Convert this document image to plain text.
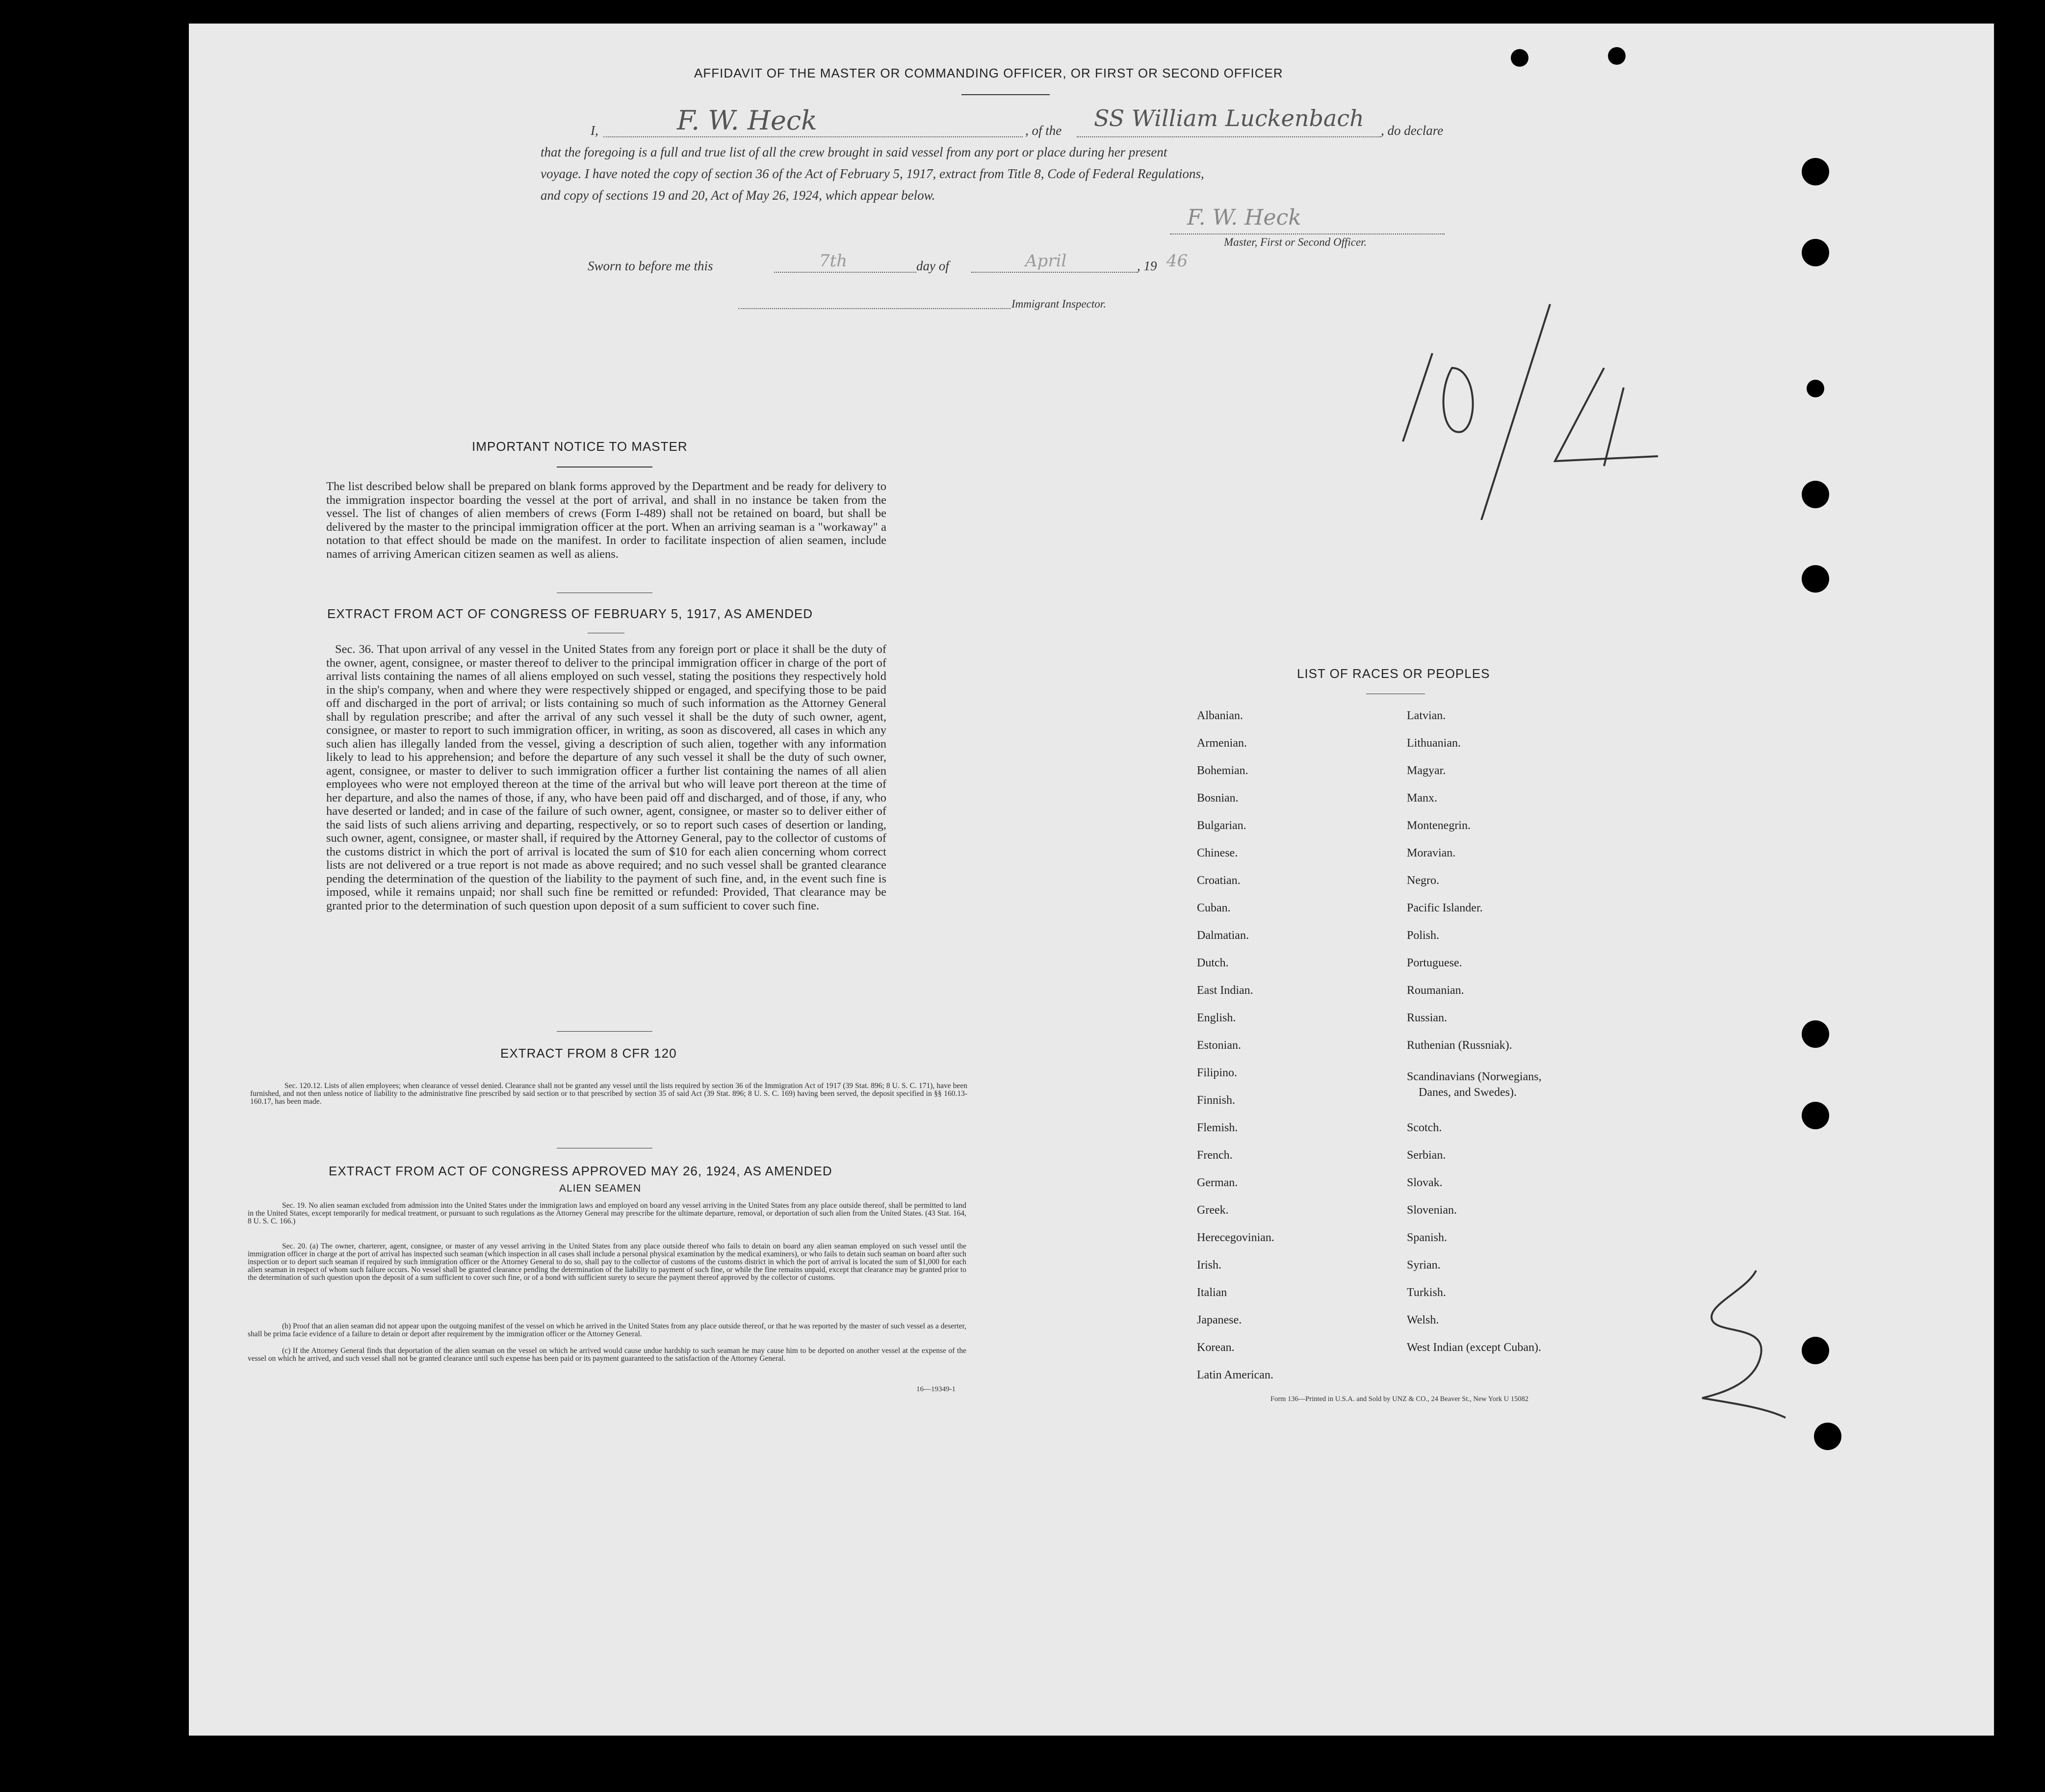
AFFIDAVIT OF THE MASTER OR COMMANDING OFFICER, OR FIRST OR SECOND OFFICER
I,	F. W. Heck	, of the SS William Luckenbach , do declare
that the foregoing is a full and true list of all the crew brought in said vessel from any port or place during her present
voyage. I have noted the copy of section 36 of the Act of February 5, 1917, extract from Title 8, Code of Federal Regulations,
and copy of sections 19 and 20, Act of May 26, 1924, which appear below.
F. W. Heck
Master, First or Second Officer.
Sworn to before me this	7th	day of	April	, 19 46
Immigrant Inspector.
IMPORTANT NOTICE TO MASTER
The list described below shall be prepared on blank forms approved by the Department and be ready for delivery to the immigration inspector boarding the vessel at the port of arrival, and shall in no instance be taken from the vessel. The list of changes of alien members of crews (Form I-489) shall not be retained on board, but shall be delivered by the master to the principal immigration officer at the port. When an arriving seaman is a "workaway" a notation to that effect should be made on the manifest. In order to facilitate inspection of alien seamen, include names of arriving American citizen seamen as well as aliens.
EXTRACT FROM ACT OF CONGRESS OF FEBRUARY 5, 1917, AS AMENDED
Sec. 36. That upon arrival of any vessel in the United States from any foreign port or place it shall be the duty of the owner, agent, consignee, or master thereof to deliver to the principal immigration officer in charge of the port of arrival lists containing the names of all aliens employed on such vessel, stating the positions they respectively hold in the ship's company, when and where they were respectively shipped or engaged, and specifying those to be paid off and discharged in the port of arrival; or lists containing so much of such information as the Attorney General shall by regulation prescribe; and after the arrival of any such vessel it shall be the duty of such owner, agent, consignee, or master to report to such immigration officer, in writing, as soon as discovered, all cases in which any such alien has illegally landed from the vessel, giving a description of such alien, together with any information likely to lead to his apprehension; and before the departure of any such vessel it shall be the duty of such owner, agent, consignee, or master to deliver to such immigration officer a further list containing the names of all alien employees who were not employed thereon at the time of the arrival but who will leave port thereon at the time of her departure, and also the names of those, if any, who have been paid off and discharged, and of those, if any, who have deserted or landed; and in case of the failure of such owner, agent, consignee, or master so to deliver either of the said lists of such aliens arriving and departing, respectively, or so to report such cases of desertion or landing, such owner, agent, consignee, or master shall, if required by the Attorney General, pay to the collector of customs of the customs district in which the port of arrival is located the sum of $10 for each alien concerning whom correct lists are not delivered or a true report is not made as above required; and no such vessel shall be granted clearance pending the determination of the question of the liability to the payment of such fine, and, in the event such fine is imposed, while it remains unpaid; nor shall such fine be remitted or refunded: Provided, That clearance may be granted prior to the determination of such question upon deposit of a sum sufficient to cover such fine.
EXTRACT FROM 8 CFR 120
Sec. 120.12. Lists of alien employees; when clearance of vessel denied. Clearance shall not be granted any vessel until the lists required by section 36 of the Immigration Act of 1917 (39 Stat. 896; 8 U. S. C. 171), have been furnished, and not then unless notice of liability to the administrative fine prescribed by said section or to that prescribed by section 35 of said Act (39 Stat. 896; 8 U. S. C. 169) having been served, the deposit specified in §§ 160.13-160.17, has been made.
EXTRACT FROM ACT OF CONGRESS APPROVED MAY 26, 1924, AS AMENDED
ALIEN SEAMEN
Sec. 19. No alien seaman excluded from admission into the United States under the immigration laws and employed on board any vessel arriving in the United States from any place outside thereof, shall be permitted to land in the United States, except temporarily for medical treatment, or pursuant to such regulations as the Attorney General may prescribe for the ultimate departure, removal, or deportation of such alien from the United States. (43 Stat. 164, 8 U. S. C. 166.)
Sec. 20. (a) The owner, charterer, agent, consignee, or master of any vessel arriving in the United States from any place outside thereof who fails to detain on board any alien seaman employed on such vessel until the immigration officer in charge at the port of arrival has inspected such seaman (which inspection in all cases shall include a personal physical examination by the medical examiners), or who fails to detain such seaman on board after such inspection or to deport such seaman if required by such immigration officer or the Attorney General to do so, shall pay to the collector of customs of the customs district in which the port of arrival is located the sum of $1,000 for each alien seaman in respect of whom such failure occurs. No vessel shall be granted clearance pending the determination of the liability to payment of such fine, or while the fine remains unpaid, except that clearance may be granted prior to the determination of such question upon the deposit of a sum sufficient to cover such fine, or of a bond with sufficient surety to secure the payment thereof approved by the collector of customs.
(b) Proof that an alien seaman did not appear upon the outgoing manifest of the vessel on which he arrived in the United States from any place outside thereof, or that he was reported by the master of such vessel as a deserter, shall be prima facie evidence of a failure to detain or deport after requirement by the immigration officer or the Attorney General.
(c) If the Attorney General finds that deportation of the alien seaman on the vessel on which he arrived would cause undue hardship to such seaman he may cause him to be deported on another vessel at the expense of the vessel on which he arrived, and such vessel shall not be granted clearance until such expense has been paid or its payment guaranteed to the satisfaction of the Attorney General.
16—19349-1
LIST OF RACES OR PEOPLES
Albanian.
Armenian.
Bohemian.
Bosnian.
Bulgarian.
Chinese.
Croatian.
Cuban.
Dalmatian.
Dutch.
East Indian.
English.
Estonian.
Filipino.
Finnish.
Flemish.
French.
German.
Greek.
Herecegovinian.
Irish.
Italian
Japanese.
Korean.
Latin American.
Latvian.
Lithuanian.
Magyar.
Manx.
Montenegrin.
Moravian.
Negro.
Pacific Islander.
Polish.
Portuguese.
Roumanian.
Russian.
Ruthenian (Russniak).
Scandinavians (Norwegians,
Danes, and Swedes).
Scotch.
Serbian.
Slovak.
Slovenian.
Spanish.
Syrian.
Turkish.
Welsh.
West Indian (except Cuban).
Form 136—Printed in U.S.A. and Sold by UNZ & CO., 24 Beaver St., New York U 15082
